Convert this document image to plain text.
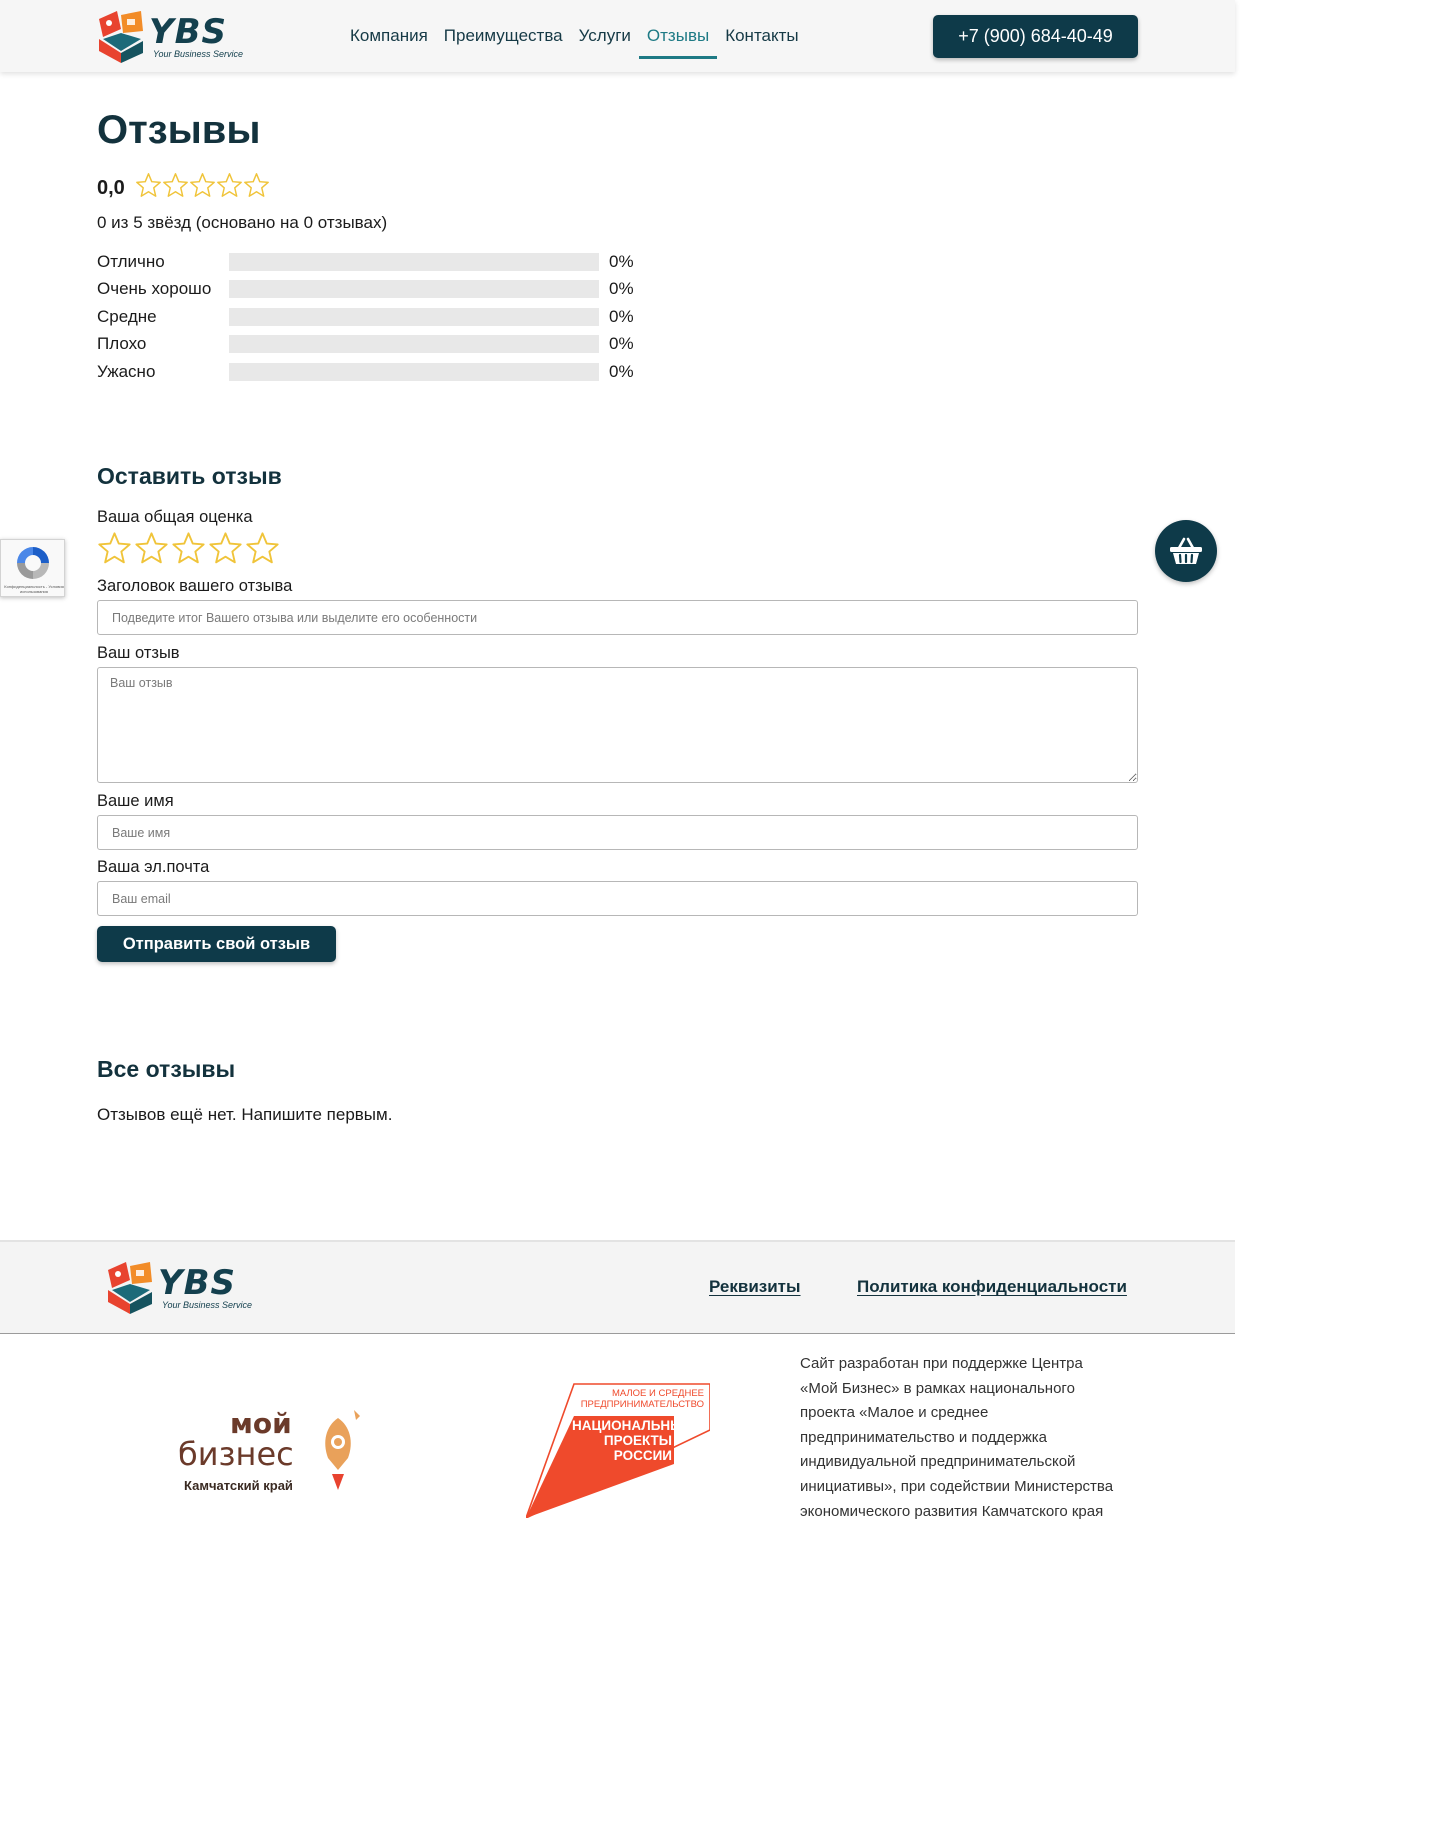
YBS
Your Business Service
Компания Преимущества Услуги Отзывы Контакты	+7 (900) 684-40-49
Отзывы
0,0
0 из 5 звёзд (основано на 0 отзывах)
Отлично	0%
Очень хорошо	0%
Средне	0%
Плохо	0%
Ужасно	0%
Оставить отзыв
Ваша общая оценка
Заголовок вашего отзыва
Подведите итог Вашего отзыва или выделите его особенности
Ваш отзыв
Ваш отзыв
Ваше имя
Ваше имя
Ваша эл.почта
Ваш email
Отправить свой отзыв
Все отзывы
Отзывов ещё нет. Напишите первым.
Конфиденциальность - Условия использования
YBS
Your Business Service
Реквизиты	Политика конфиденциальности
мой
бизнес
Камчатский край
МАЛОЕ И СРЕДНЕЕ ПРЕДПРИНИМАТЕЛЬСТВО
НАЦИОНАЛЬНЫЕ
ПРОЕКТЫ
РОССИИ
Сайт разработан при поддержке Центра «Мой Бизнес» в рамках национального проекта «Малое и среднее предпринимательство и поддержка индивидуальной предпринимательской инициативы», при содействии Министерства экономического развития Камчатского края
